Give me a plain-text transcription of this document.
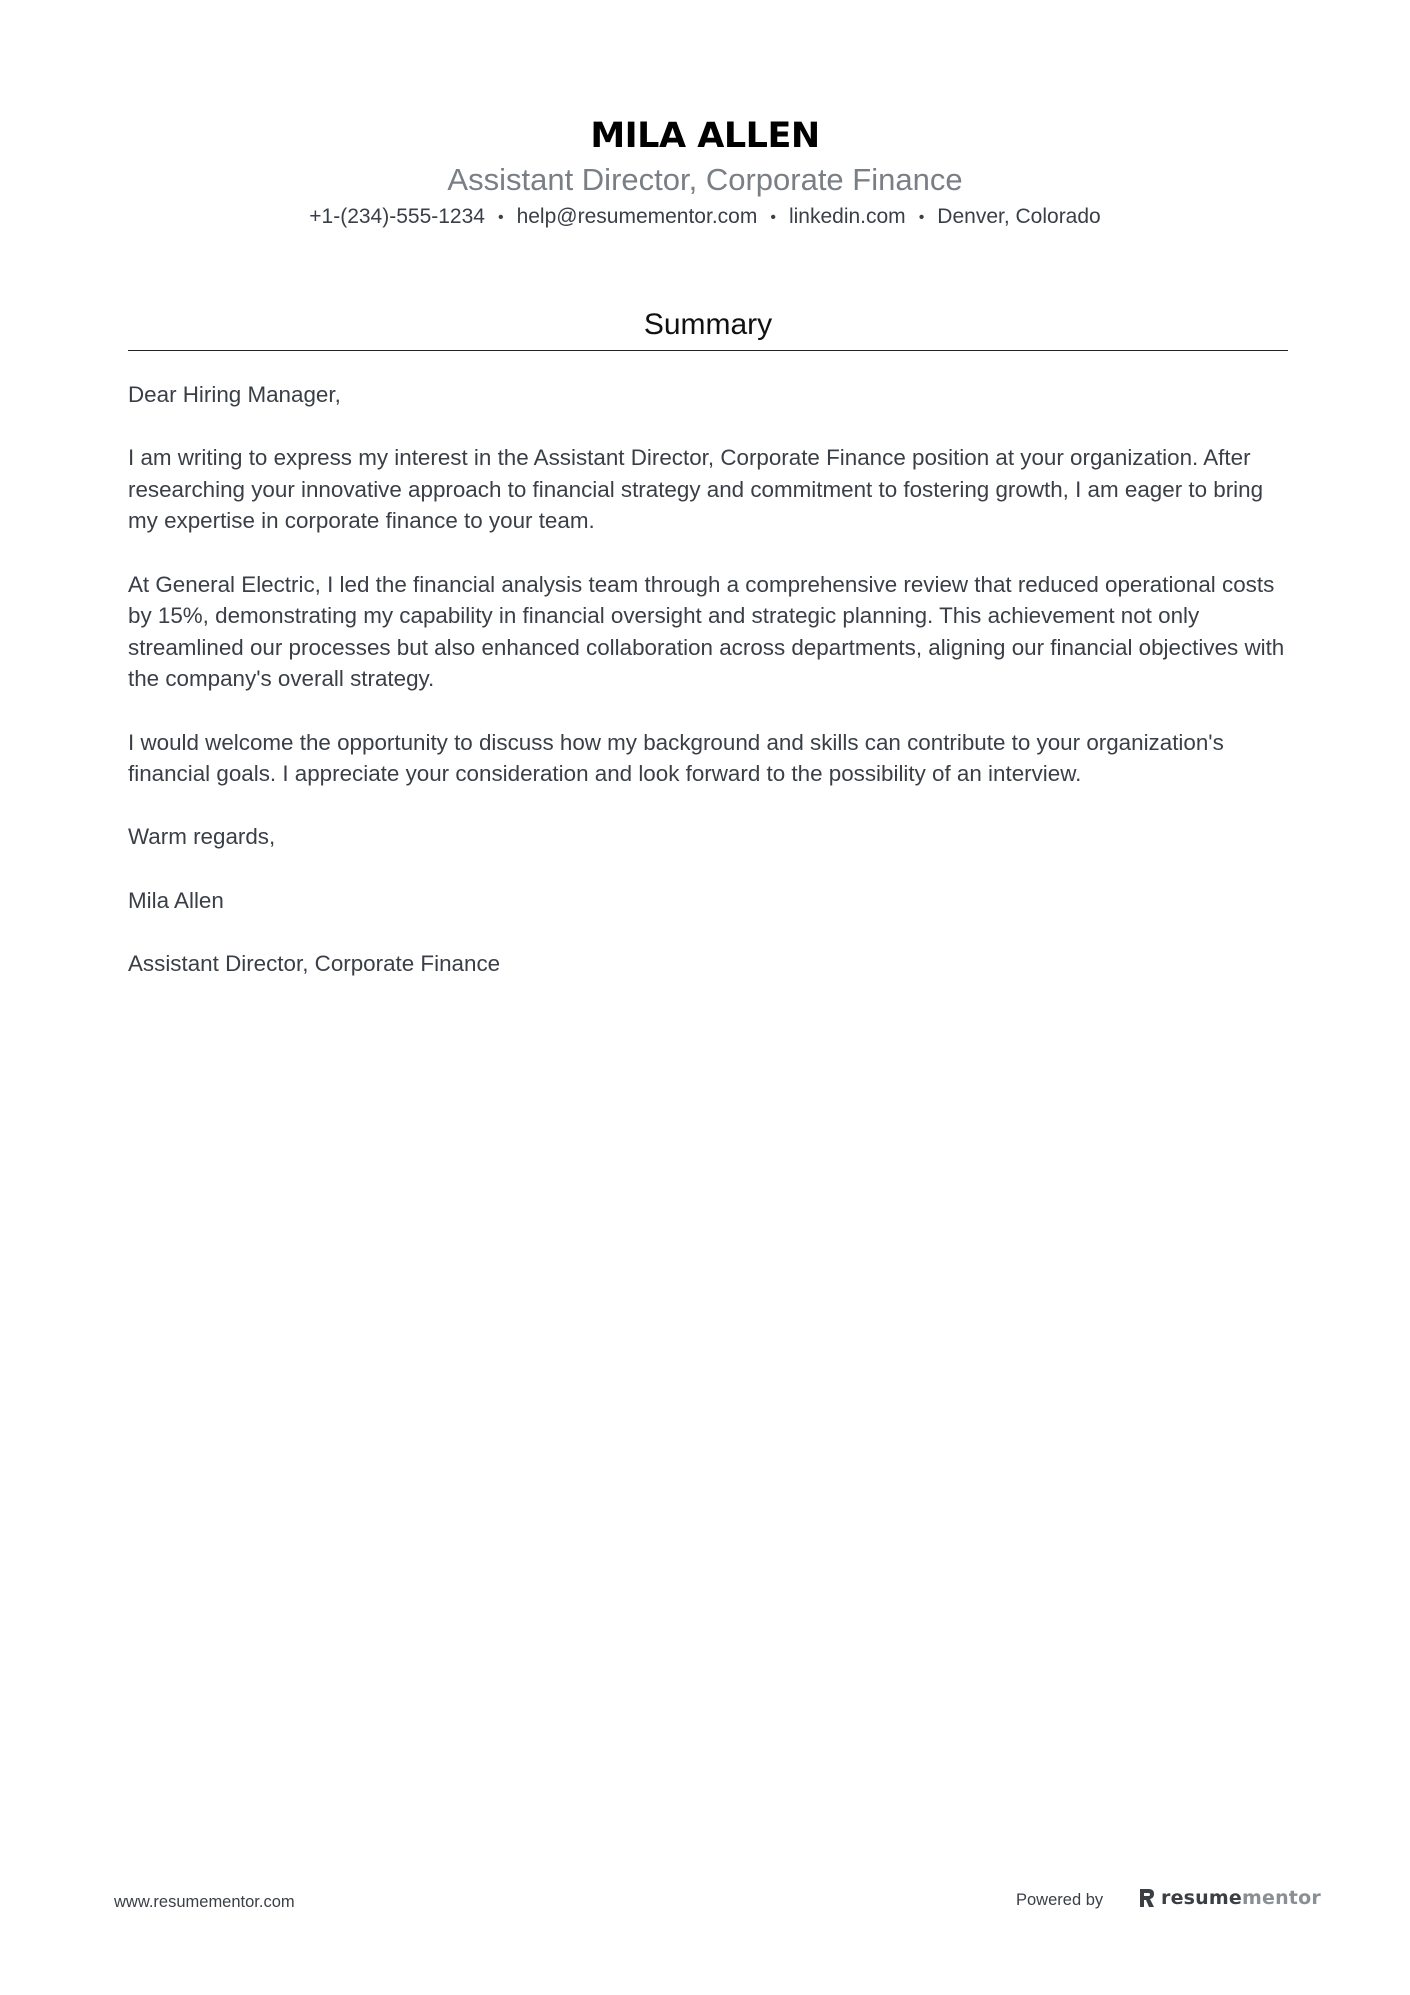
MILA ALLEN
Assistant Director, Corporate Finance
+1-(234)-555-1234 • help@resumementor.com • linkedin.com • Denver, Colorado
Summary

Dear Hiring Manager,

I am writing to express my interest in the Assistant Director, Corporate Finance position at your organization. After researching your innovative approach to financial strategy and commitment to fostering growth, I am eager to bring my expertise in corporate finance to your team.

At General Electric, I led the financial analysis team through a comprehensive review that reduced operational costs by 15%, demonstrating my capability in financial oversight and strategic planning. This achievement not only streamlined our processes but also enhanced collaboration across departments, aligning our financial objectives with the company's overall strategy.

I would welcome the opportunity to discuss how my background and skills can contribute to your organization's financial goals. I appreciate your consideration and look forward to the possibility of an interview.

Warm regards,

Mila Allen

Assistant Director, Corporate Finance

www.resumementor.com	Powered by	resumementor
